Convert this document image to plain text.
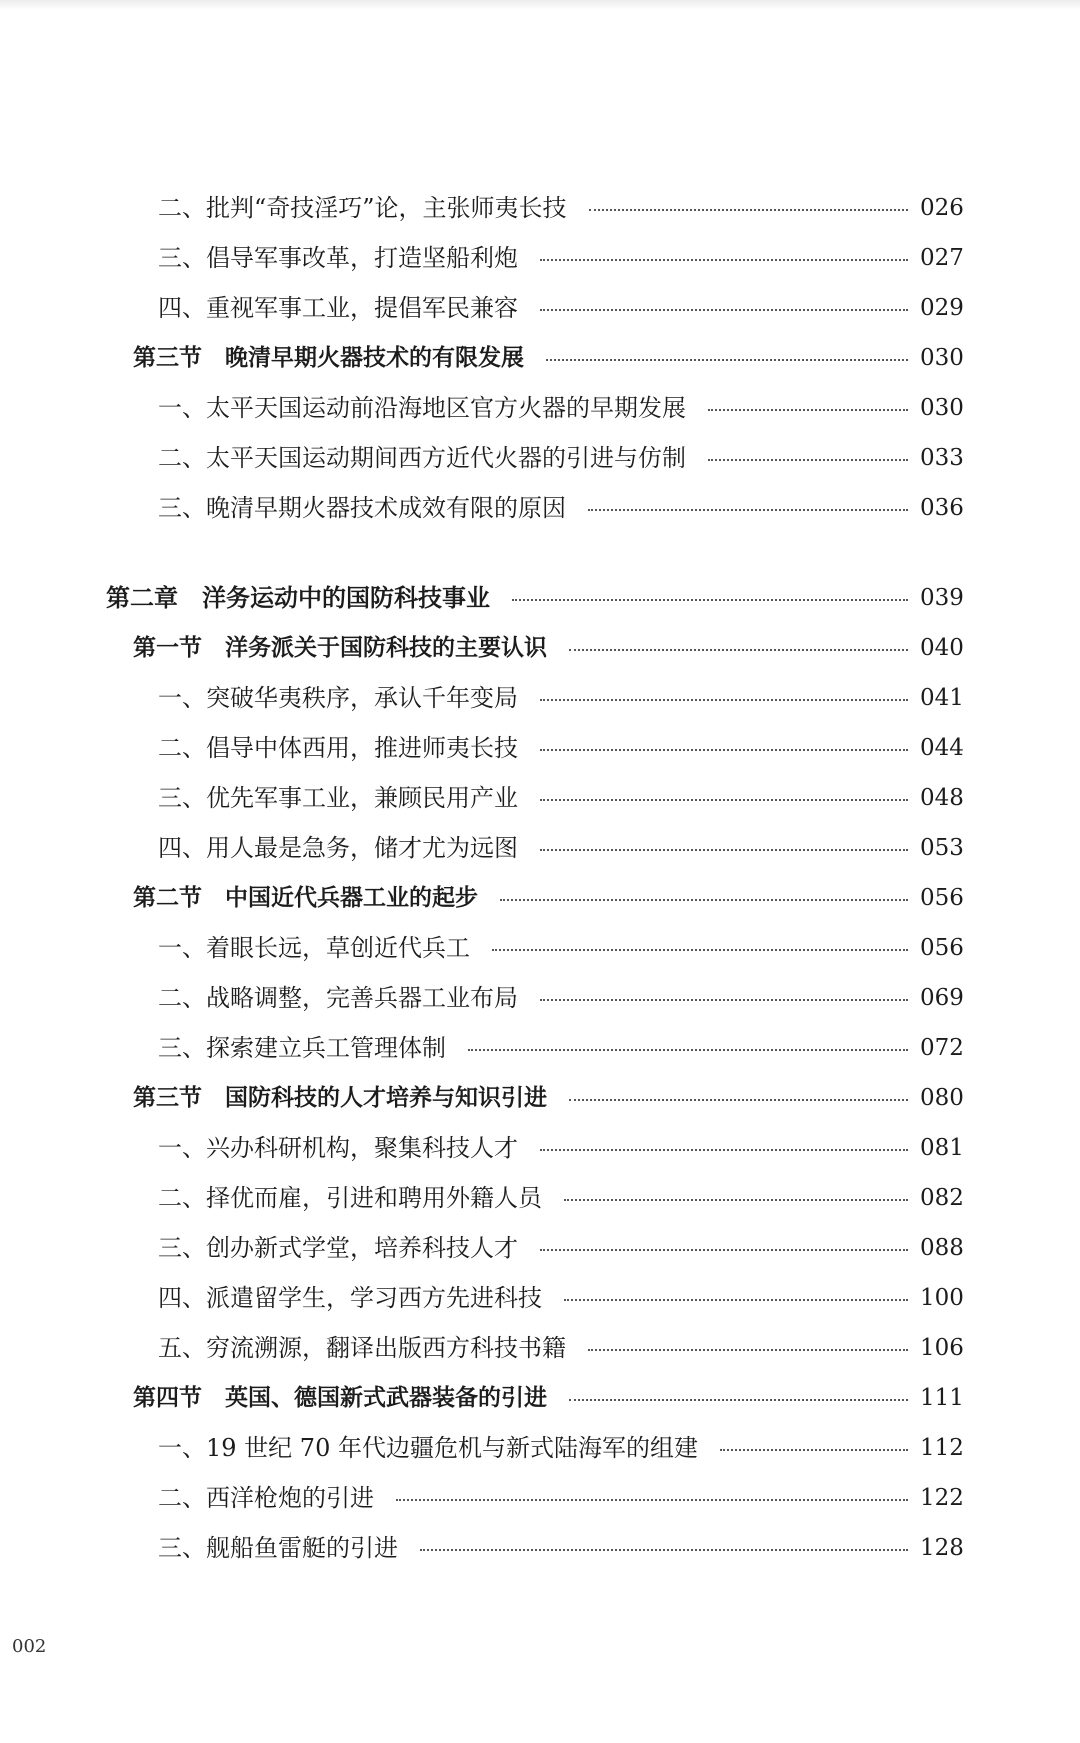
二、批判“奇技淫巧”论，主张师夷长技	026
三、倡导军事改革，打造坚船利炮	027
四、重视军事工业，提倡军民兼容	029
第三节　晚清早期火器技术的有限发展	030
一、太平天国运动前沿海地区官方火器的早期发展	030
二、太平天国运动期间西方近代火器的引进与仿制	033
三、晚清早期火器技术成效有限的原因	036
第二章　洋务运动中的国防科技事业	039
第一节　洋务派关于国防科技的主要认识	040
一、突破华夷秩序，承认千年变局	041
二、倡导中体西用，推进师夷长技	044
三、优先军事工业，兼顾民用产业	048
四、用人最是急务，储才尤为远图	053
第二节　中国近代兵器工业的起步	056
一、着眼长远，草创近代兵工	056
二、战略调整，完善兵器工业布局	069
三、探索建立兵工管理体制	072
第三节　国防科技的人才培养与知识引进	080
一、兴办科研机构，聚集科技人才	081
二、择优而雇，引进和聘用外籍人员	082
三、创办新式学堂，培养科技人才	088
四、派遣留学生，学习西方先进科技	100
五、穷流溯源，翻译出版西方科技书籍	106
第四节　英国、德国新式武器装备的引进	111
一、19 世纪 70 年代边疆危机与新式陆海军的组建	112
二、西洋枪炮的引进	122
三、舰船鱼雷艇的引进	128
002
